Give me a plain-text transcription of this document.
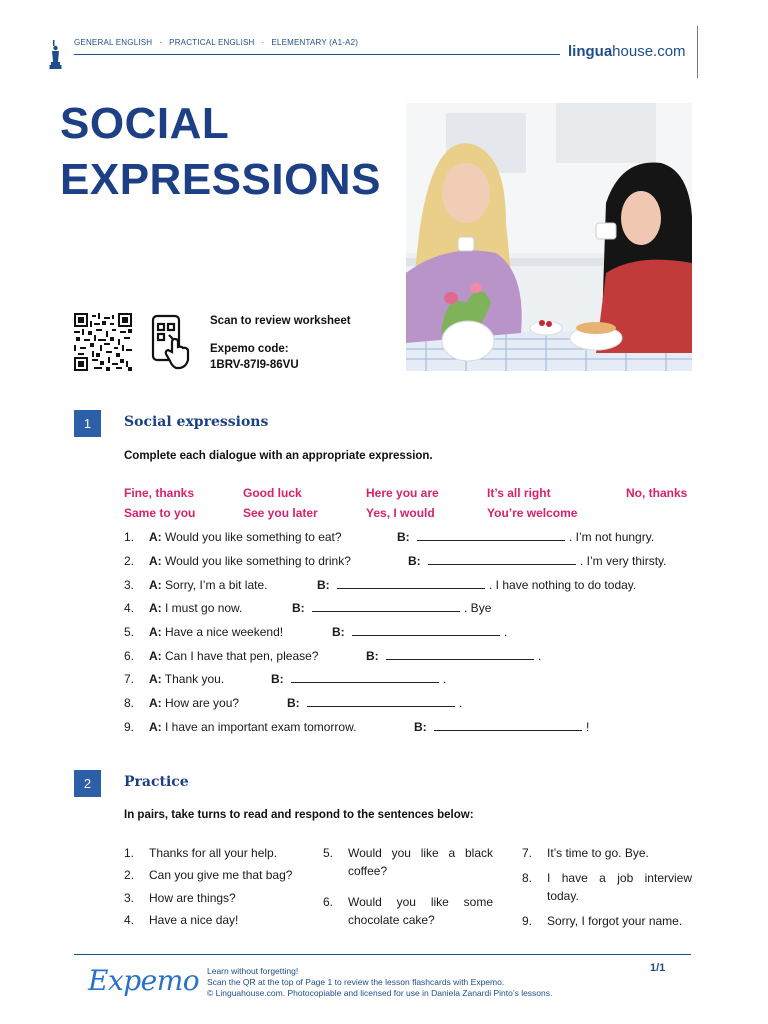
GENERAL ENGLISH · PRACTICAL ENGLISH · ELEMENTARY (A1-A2)
linguahouse.com
SOCIAL
EXPRESSIONS
Scan to review worksheet
Expemo code:
1BRV-87I9-86VU
1	Social expressions
Complete each dialogue with an appropriate expression.
Fine, thanks	Good luck	Here you are	It’s all right	No, thanks
Same to you	See you later	Yes, I would	You’re welcome
1. A: Would you like something to eat?	B:	. I’m not hungry.
2. A: Would you like something to drink?	B:	. I’m very thirsty.
3. A: Sorry, I’m a bit late.	B:	. I have nothing to do today.
4. A: I must go now.	B:	. Bye
5. A: Have a nice weekend!	B:	.
6. A: Can I have that pen, please?	B:	.
7. A: Thank you.	B:	.
8. A: How are you?	B:	.
9. A: I have an important exam tomorrow.	B:	!
2	Practice
In pairs, take turns to read and respond to the sentences below:
1. Thanks for all your help.
2. Can you give me that bag?
3. How are things?
4. Have a nice day!
5. Would you like a black coffee?
6. Would you like some chocolate cake?
7. It’s time to go. Bye.
8. I have a job interview today.
9. Sorry, I forgot your name.
Expemo Learn without forgetting!
Scan the QR at the top of Page 1 to review the lesson flashcards with Expemo.
© Linguahouse.com. Photocopiable and licensed for use in Daniela Zanardi Pinto’s lessons.
1/1
